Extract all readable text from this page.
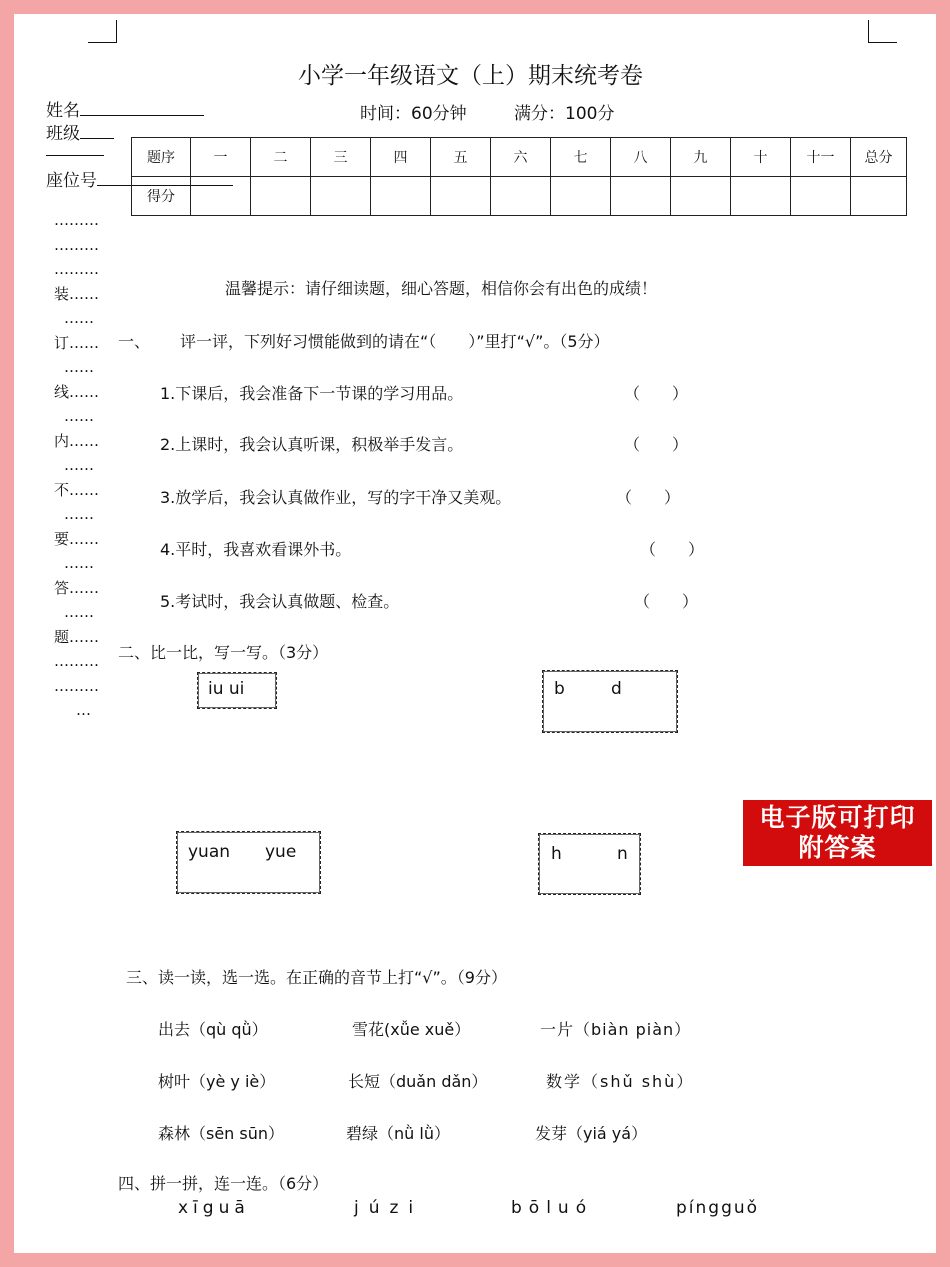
小学一年级语文（上）期末统考卷
姓名
班级
座位号
时间：60分钟	满分：100分
题序	一	二	三	四	五	六	七	八	九	十	十一	总分
得分												
………
………
………
装……
……
订……
……
线……
……
内……
……
不……
……
要……
……
答……
……
题……
………
………
…
温馨提示：请仔细读题，细心答题，相信你会有出色的成绩！
一、 评一评，下列好习惯能做到的请在“（　　）”里打“√”。（5分）
1.下课后，我会准备下一节课的学习用品。	（　　）
2.上课时，我会认真听课，积极举手发言。	（　　）
3.放学后，我会认真做作业，写的字干净又美观。	（　　）
4.平时，我喜欢看课外书。	（　　）
5.考试时，我会认真做题、检查。	（　　）
二、比一比，写一写。（3分）
iu ui	b	d
yuan yue	h	n
电子版可打印
附答案
三、读一读，选一选。在正确的音节上打“√”。（9分）
出去（qù qǜ）	雪花(xǚe xuě）	一片（biàn piàn）
树叶（yè y iè）	长短（duǎn dǎn）	数学（shǔ shù）
森林（sēn sūn）	碧绿（nǜ lǜ）	发芽（yiá yá）
四、拼一拼，连一连。（6分）
xīguā	júzi	bōluó	píngguǒ
